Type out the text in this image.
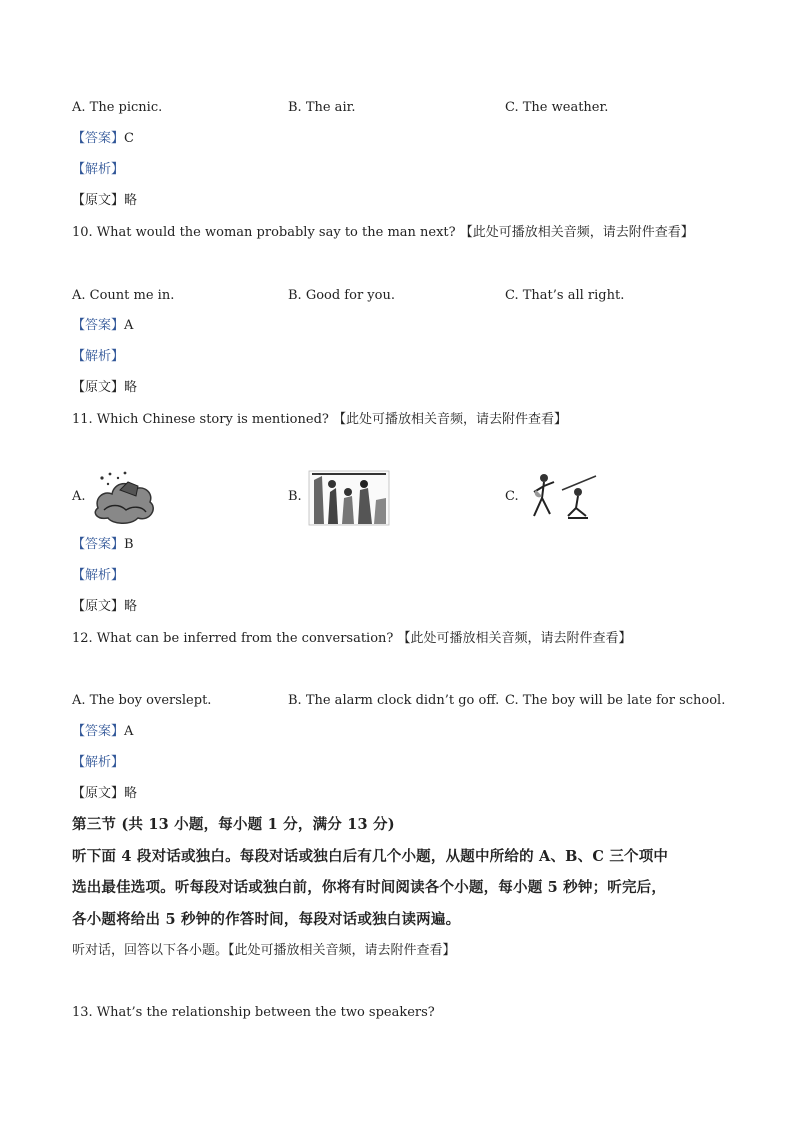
A. The picnic.	B. The air.	C. The weather.
【答案】C
【解析】
【原文】略
10. What would the woman probably say to the man next? 【此处可播放相关音频，请去附件查看】
A. Count me in.	B. Good for you.	C. That’s all right.
【答案】A
【解析】
【原文】略
11. Which Chinese story is mentioned? 【此处可播放相关音频，请去附件查看】
A.	B.	C.
【答案】B
【解析】
【原文】略
12. What can be inferred from the conversation? 【此处可播放相关音频，请去附件查看】
A. The boy overslept.	B. The alarm clock didn’t go off. C. The boy will be late for school.
【答案】A
【解析】
【原文】略
第三节 (共 13 小题，每小题 1 分，满分 13 分)
听下面 4 段对话或独白。每段对话或独白后有几个小题，从题中所给的 A、B、C 三个项中
选出最佳选项。听每段对话或独白前，你将有时间阅读各个小题，每小题 5 秒钟；听完后，
各小题将给出 5 秒钟的作答时间，每段对话或独白读两遍。
听对话，回答以下各小题。【此处可播放相关音频，请去附件查看】
13. What’s the relationship between the two speakers?
